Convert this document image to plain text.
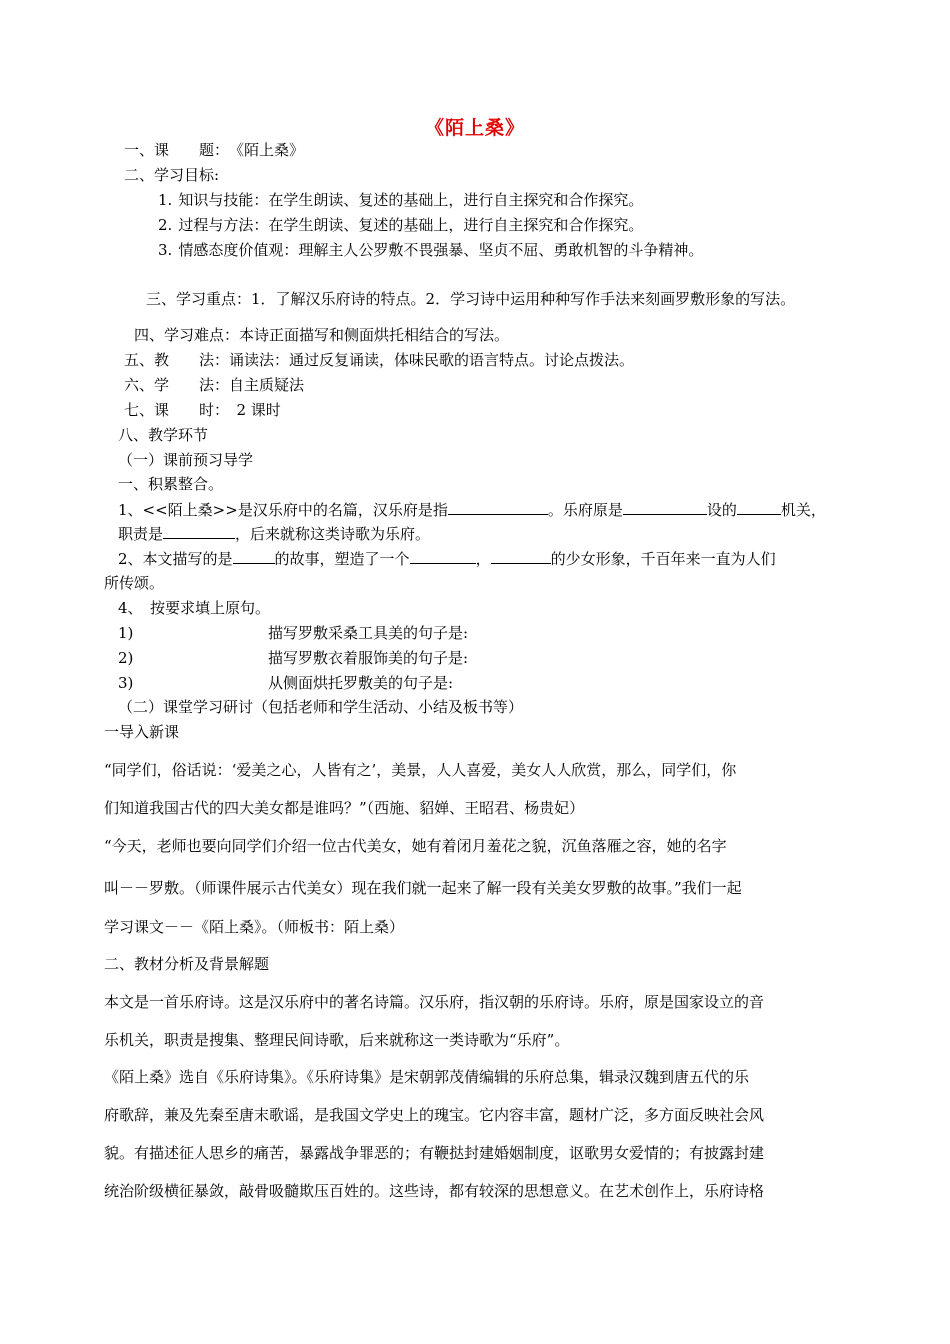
《陌上桑》
一、课　　题：《陌上桑》
二、学习目标:
1. 知识与技能：在学生朗读、复述的基础上，进行自主探究和合作探究。
2. 过程与方法：在学生朗读、复述的基础上，进行自主探究和合作探究。
3. 情感态度价值观：理解主人公罗敷不畏强暴、坚贞不屈、勇敢机智的斗争精神。
三、学习重点：1．了解汉乐府诗的特点。2．学习诗中运用种种写作手法来刻画罗敷形象的写法。
四、学习难点：本诗正面描写和侧面烘托相结合的写法。
五、教　　法：诵读法：通过反复诵读，体味民歌的语言特点。讨论点拨法。
六、学　　法：自主质疑法
七、课　　时：　2 课时
八、教学环节
（一）课前预习导学
一、积累整合。
1、<<陌上桑>>是汉乐府中的名篇，汉乐府是指	。乐府原是	设的	机关，
职责是	，后来就称这类诗歌为乐府。
2、本文描写的是	的故事，塑造了一个	，	的少女形象，千百年来一直为人们
所传颂。
4、　按要求填上原句。
1)	描写罗敷采桑工具美的句子是:
2)	描写罗敷衣着服饰美的句子是:
3)	从侧面烘托罗敷美的句子是:
（二）课堂学习研讨（包括老师和学生活动、小结及板书等）
一导入新课
“同学们，俗话说：‘爱美之心，人皆有之’，美景，人人喜爱，美女人人欣赏，那么，同学们，你
们知道我国古代的四大美女都是谁吗？”（西施、貂婵、王昭君、杨贵妃）
“今天，老师也要向同学们介绍一位古代美女，她有着闭月羞花之貌，沉鱼落雁之容，她的名字
叫－－罗敷。（师课件展示古代美女）现在我们就一起来了解一段有关美女罗敷的故事。”我们一起
学习课文－－《陌上桑》。（师板书：陌上桑）
二、教材分析及背景解题
本文是一首乐府诗。这是汉乐府中的著名诗篇。汉乐府，指汉朝的乐府诗。乐府，原是国家设立的音
乐机关，职责是搜集、整理民间诗歌，后来就称这一类诗歌为“乐府”。
《陌上桑》选自《乐府诗集》。《乐府诗集》是宋朝郭茂倩编辑的乐府总集，辑录汉魏到唐五代的乐
府歌辞，兼及先秦至唐末歌谣，是我国文学史上的瑰宝。它内容丰富，题材广泛，多方面反映社会风
貌。有描述征人思乡的痛苦，暴露战争罪恶的；有鞭挞封建婚姻制度，讴歌男女爱情的；有披露封建
统治阶级横征暴敛，敲骨吸髓欺压百姓的。这些诗，都有较深的思想意义。在艺术创作上，乐府诗格
